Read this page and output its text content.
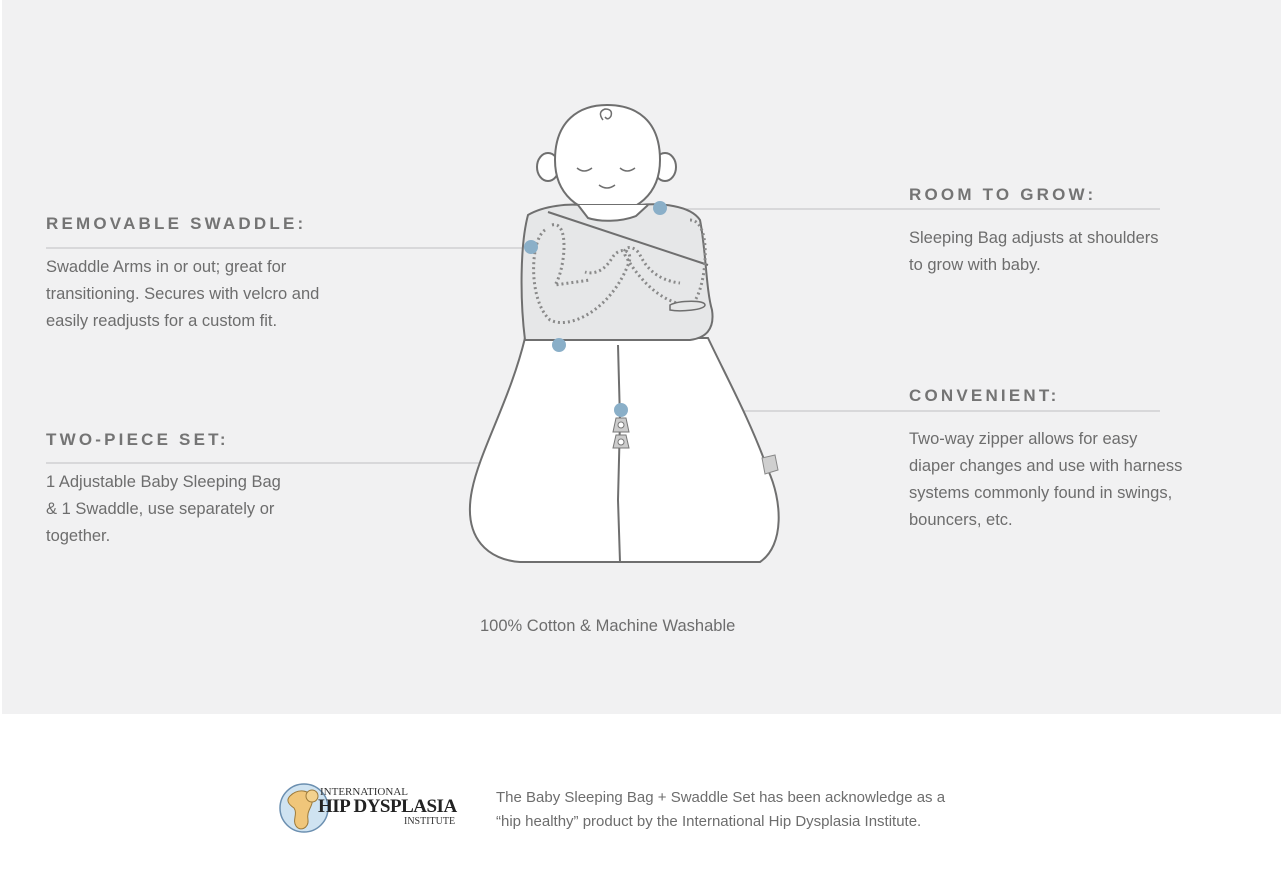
REMOVABLE SWADDLE:
Swaddle Arms in or out; great for
transitioning. Secures with velcro and
easily readjusts for a custom fit.
TWO-PIECE SET:
1 Adjustable Baby Sleeping Bag
& 1 Swaddle, use separately or
together.
ROOM TO GROW:
Sleeping Bag adjusts at shoulders
to grow with baby.
CONVENIENT:
Two-way zipper allows for easy
diaper changes and use with harness
systems commonly found in swings,
bouncers, etc.
100% Cotton & Machine Washable
INTERNATIONAL
HIP DYSPLASIA
INSTITUTE
The Baby Sleeping Bag + Swaddle Set has been acknowledge as a
“hip healthy” product by the International Hip Dysplasia Institute.
